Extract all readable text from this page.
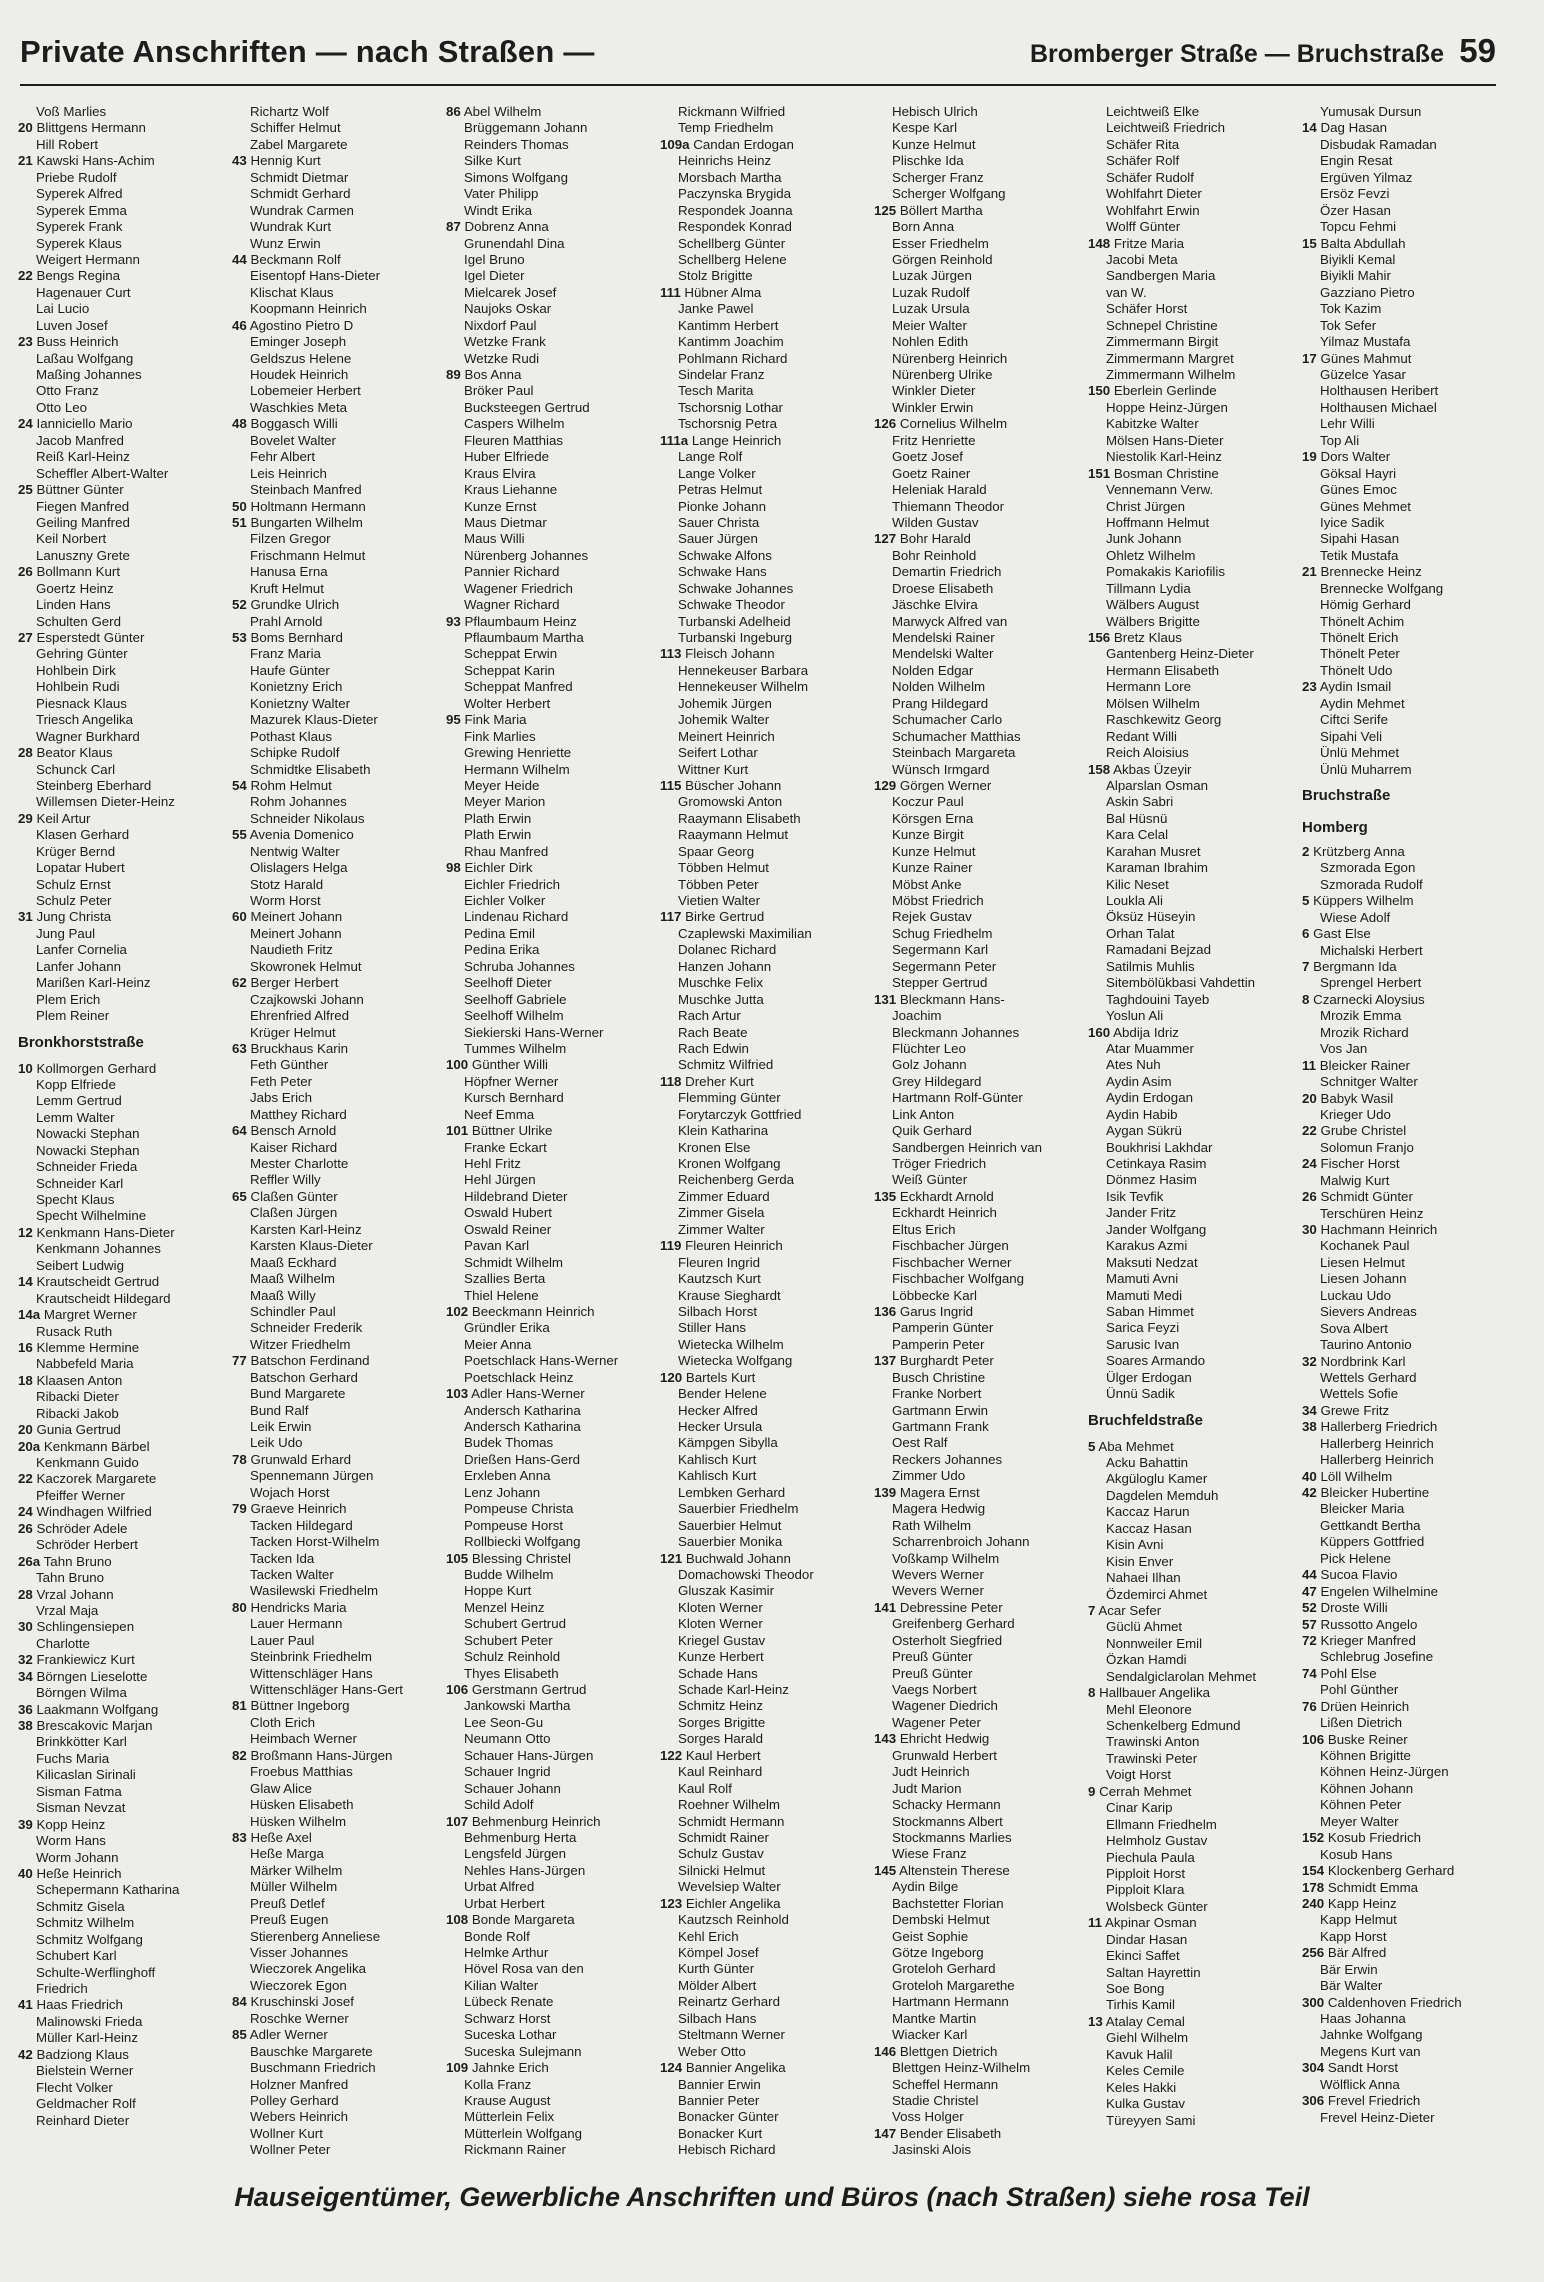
Private Anschriften — nach Straßen —	Bromberger Straße — Bruchstraße 59
Voß Marlies
20 Blittgens Hermann
Hill Robert
21 Kawski Hans-Achim
Priebe Rudolf
Syperek Alfred
Syperek Emma
Syperek Frank
Syperek Klaus
Weigert Hermann
22 Bengs Regina
Hagenauer Curt
Lai Lucio
Luven Josef
23 Buss Heinrich
Laßau Wolfgang
Maßing Johannes
Otto Franz
Otto Leo
24 Ianniciello Mario
Jacob Manfred
Reiß Karl-Heinz
Scheffler Albert-Walter
25 Büttner Günter
Fiegen Manfred
Geiling Manfred
Keil Norbert
Lanuszny Grete
26 Bollmann Kurt
Goertz Heinz
Linden Hans
Schulten Gerd
27 Esperstedt Günter
Gehring Günter
Hohlbein Dirk
Hohlbein Rudi
Piesnack Klaus
Triesch Angelika
Wagner Burkhard
28 Beator Klaus
Schunck Carl
Steinberg Eberhard
Willemsen Dieter-Heinz
29 Keil Artur
Klasen Gerhard
Krüger Bernd
Lopatar Hubert
Schulz Ernst
Schulz Peter
31 Jung Christa
Jung Paul
Lanfer Cornelia
Lanfer Johann
Marißen Karl-Heinz
Plem Erich
Plem Reiner
Bronkhorststraße
10 Kollmorgen Gerhard
Kopp Elfriede
Lemm Gertrud
Lemm Walter
Nowacki Stephan
Nowacki Stephan
Schneider Frieda
Schneider Karl
Specht Klaus
Specht Wilhelmine
12 Kenkmann Hans-Dieter
Kenkmann Johannes
Seibert Ludwig
14 Krautscheidt Gertrud
Krautscheidt Hildegard
14a Margret Werner
Rusack Ruth
16 Klemme Hermine
Nabbefeld Maria
18 Klaasen Anton
Ribacki Dieter
Ribacki Jakob
20 Gunia Gertrud
20a Kenkmann Bärbel
Kenkmann Guido
22 Kaczorek Margarete
Pfeiffer Werner
24 Windhagen Wilfried
26 Schröder Adele
Schröder Herbert
26a Tahn Bruno
Tahn Bruno
28 Vrzal Johann
Vrzal Maja
30 Schlingensiepen
Charlotte
32 Frankiewicz Kurt
34 Börngen Lieselotte
Börngen Wilma
36 Laakmann Wolfgang
38 Brescakovic Marjan
Brinkkötter Karl
Fuchs Maria
Kilicaslan Sirinali
Sisman Fatma
Sisman Nevzat
39 Kopp Heinz
Worm Hans
Worm Johann
40 Heße Heinrich
Schepermann Katharina
Schmitz Gisela
Schmitz Wilhelm
Schmitz Wolfgang
Schubert Karl
Schulte-Werflinghoff
Friedrich
41 Haas Friedrich
Malinowski Frieda
Müller Karl-Heinz
42 Badziong Klaus
Bielstein Werner
Flecht Volker
Geldmacher Rolf
Reinhard Dieter
Richartz Wolf
Schiffer Helmut
Zabel Margarete
43 Hennig Kurt
Schmidt Dietmar
Schmidt Gerhard
Wundrak Carmen
Wundrak Kurt
Wunz Erwin
44 Beckmann Rolf
Eisentopf Hans-Dieter
Klischat Klaus
Koopmann Heinrich
46 Agostino Pietro D
Eminger Joseph
Geldszus Helene
Houdek Heinrich
Lobemeier Herbert
Waschkies Meta
48 Boggasch Willi
Bovelet Walter
Fehr Albert
Leis Heinrich
Steinbach Manfred
50 Holtmann Hermann
51 Bungarten Wilhelm
Filzen Gregor
Frischmann Helmut
Hanusa Erna
Kruft Helmut
52 Grundke Ulrich
Prahl Arnold
53 Boms Bernhard
Franz Maria
Haufe Günter
Konietzny Erich
Konietzny Walter
Mazurek Klaus-Dieter
Pothast Klaus
Schipke Rudolf
Schmidtke Elisabeth
54 Rohm Helmut
Rohm Johannes
Schneider Nikolaus
55 Avenia Domenico
Nentwig Walter
Olislagers Helga
Stotz Harald
Worm Horst
60 Meinert Johann
Meinert Johann
Naudieth Fritz
Skowronek Helmut
62 Berger Herbert
Czajkowski Johann
Ehrenfried Alfred
Krüger Helmut
63 Bruckhaus Karin
Feth Günther
Feth Peter
Jabs Erich
Matthey Richard
64 Bensch Arnold
Kaiser Richard
Mester Charlotte
Reffler Willy
65 Claßen Günter
Claßen Jürgen
Karsten Karl-Heinz
Karsten Klaus-Dieter
Maaß Eckhard
Maaß Wilhelm
Maaß Willy
Schindler Paul
Schneider Frederik
Witzer Friedhelm
77 Batschon Ferdinand
Batschon Gerhard
Bund Margarete
Bund Ralf
Leik Erwin
Leik Udo
78 Grunwald Erhard
Spennemann Jürgen
Wojach Horst
79 Graeve Heinrich
Tacken Hildegard
Tacken Horst-Wilhelm
Tacken Ida
Tacken Walter
Wasilewski Friedhelm
80 Hendricks Maria
Lauer Hermann
Lauer Paul
Steinbrink Friedhelm
Wittenschläger Hans
Wittenschläger Hans-Gert
81 Büttner Ingeborg
Cloth Erich
Heimbach Werner
82 Broßmann Hans-Jürgen
Froebus Matthias
Glaw Alice
Hüsken Elisabeth
Hüsken Wilhelm
83 Heße Axel
Heße Marga
Märker Wilhelm
Müller Wilhelm
Preuß Detlef
Preuß Eugen
Stierenberg Anneliese
Visser Johannes
Wieczorek Angelika
Wieczorek Egon
84 Kruschinski Josef
Roschke Werner
85 Adler Werner
Bauschke Margarete
Buschmann Friedrich
Holzner Manfred
Polley Gerhard
Webers Heinrich
Wollner Kurt
Wollner Peter
86 Abel Wilhelm
Brüggemann Johann
Reinders Thomas
Silke Kurt
Simons Wolfgang
Vater Philipp
Windt Erika
87 Dobrenz Anna
Grunendahl Dina
Igel Bruno
Igel Dieter
Mielcarek Josef
Naujoks Oskar
Nixdorf Paul
Wetzke Frank
Wetzke Rudi
89 Bos Anna
Bröker Paul
Bucksteegen Gertrud
Caspers Wilhelm
Fleuren Matthias
Huber Elfriede
Kraus Elvira
Kraus Liehanne
Kunze Ernst
Maus Dietmar
Maus Willi
Nürenberg Johannes
Pannier Richard
Wagener Friedrich
Wagner Richard
93 Pflaumbaum Heinz
Pflaumbaum Martha
Scheppat Erwin
Scheppat Karin
Scheppat Manfred
Wolter Herbert
95 Fink Maria
Fink Marlies
Grewing Henriette
Hermann Wilhelm
Meyer Heide
Meyer Marion
Plath Erwin
Plath Erwin
Rhau Manfred
98 Eichler Dirk
Eichler Friedrich
Eichler Volker
Lindenau Richard
Pedina Emil
Pedina Erika
Schruba Johannes
Seelhoff Dieter
Seelhoff Gabriele
Seelhoff Wilhelm
Siekierski Hans-Werner
Tummes Wilhelm
100 Günther Willi
Höpfner Werner
Kursch Bernhard
Neef Emma
101 Büttner Ulrike
Franke Eckart
Hehl Fritz
Hehl Jürgen
Hildebrand Dieter
Oswald Hubert
Oswald Reiner
Pavan Karl
Schmidt Wilhelm
Szallies Berta
Thiel Helene
102 Beeckmann Heinrich
Gründler Erika
Meier Anna
Poetschlack Hans-Werner
Poetschlack Heinz
103 Adler Hans-Werner
Andersch Katharina
Andersch Katharina
Budek Thomas
Drießen Hans-Gerd
Erxleben Anna
Lenz Johann
Pompeuse Christa
Pompeuse Horst
Rollbiecki Wolfgang
105 Blessing Christel
Budde Wilhelm
Hoppe Kurt
Menzel Heinz
Schubert Gertrud
Schubert Peter
Schulz Reinhold
Thyes Elisabeth
106 Gerstmann Gertrud
Jankowski Martha
Lee Seon-Gu
Neumann Otto
Schauer Hans-Jürgen
Schauer Ingrid
Schauer Johann
Schild Adolf
107 Behmenburg Heinrich
Behmenburg Herta
Lengsfeld Jürgen
Nehles Hans-Jürgen
Urbat Alfred
Urbat Herbert
108 Bonde Margareta
Bonde Rolf
Helmke Arthur
Hövel Rosa van den
Kilian Walter
Lübeck Renate
Schwarz Horst
Suceska Lothar
Suceska Sulejmann
109 Jahnke Erich
Kolla Franz
Krause August
Mütterlein Felix
Mütterlein Wolfgang
Rickmann Rainer
Rickmann Wilfried
Temp Friedhelm
109a Candan Erdogan
Heinrichs Heinz
Morsbach Martha
Paczynska Brygida
Respondek Joanna
Respondek Konrad
Schellberg Günter
Schellberg Helene
Stolz Brigitte
111 Hübner Alma
Janke Pawel
Kantimm Herbert
Kantimm Joachim
Pohlmann Richard
Sindelar Franz
Tesch Marita
Tschorsnig Lothar
Tschorsnig Petra
111a Lange Heinrich
Lange Rolf
Lange Volker
Petras Helmut
Pionke Johann
Sauer Christa
Sauer Jürgen
Schwake Alfons
Schwake Hans
Schwake Johannes
Schwake Theodor
Turbanski Adelheid
Turbanski Ingeburg
113 Fleisch Johann
Hennekeuser Barbara
Hennekeuser Wilhelm
Johemik Jürgen
Johemik Walter
Meinert Heinrich
Seifert Lothar
Wittner Kurt
115 Büscher Johann
Gromowski Anton
Raaymann Elisabeth
Raaymann Helmut
Spaar Georg
Többen Helmut
Többen Peter
Vietien Walter
117 Birke Gertrud
Czaplewski Maximilian
Dolanec Richard
Hanzen Johann
Muschke Felix
Muschke Jutta
Rach Artur
Rach Beate
Rach Edwin
Schmitz Wilfried
118 Dreher Kurt
Flemming Günter
Forytarczyk Gottfried
Klein Katharina
Kronen Else
Kronen Wolfgang
Reichenberg Gerda
Zimmer Eduard
Zimmer Gisela
Zimmer Walter
119 Fleuren Heinrich
Fleuren Ingrid
Kautzsch Kurt
Krause Sieghardt
Silbach Horst
Stiller Hans
Wietecka Wilhelm
Wietecka Wolfgang
120 Bartels Kurt
Bender Helene
Hecker Alfred
Hecker Ursula
Kämpgen Sibylla
Kahlisch Kurt
Kahlisch Kurt
Lembken Gerhard
Sauerbier Friedhelm
Sauerbier Helmut
Sauerbier Monika
121 Buchwald Johann
Domachowski Theodor
Gluszak Kasimir
Kloten Werner
Kloten Werner
Kriegel Gustav
Kunze Herbert
Schade Hans
Schade Karl-Heinz
Schmitz Heinz
Sorges Brigitte
Sorges Harald
122 Kaul Herbert
Kaul Reinhard
Kaul Rolf
Roehner Wilhelm
Schmidt Hermann
Schmidt Rainer
Schulz Gustav
Silnicki Helmut
Wevelsiep Walter
123 Eichler Angelika
Kautzsch Reinhold
Kehl Erich
Kömpel Josef
Kurth Günter
Mölder Albert
Reinartz Gerhard
Silbach Hans
Steltmann Werner
Weber Otto
124 Bannier Angelika
Bannier Erwin
Bannier Peter
Bonacker Günter
Bonacker Kurt
Hebisch Richard
Hebisch Ulrich
Kespe Karl
Kunze Helmut
Plischke Ida
Scherger Franz
Scherger Wolfgang
125 Böllert Martha
Born Anna
Esser Friedhelm
Görgen Reinhold
Luzak Jürgen
Luzak Rudolf
Luzak Ursula
Meier Walter
Nohlen Edith
Nürenberg Heinrich
Nürenberg Ulrike
Winkler Dieter
Winkler Erwin
126 Cornelius Wilhelm
Fritz Henriette
Goetz Josef
Goetz Rainer
Heleniak Harald
Thiemann Theodor
Wilden Gustav
127 Bohr Harald
Bohr Reinhold
Demartin Friedrich
Droese Elisabeth
Jäschke Elvira
Marwyck Alfred van
Mendelski Rainer
Mendelski Walter
Nolden Edgar
Nolden Wilhelm
Prang Hildegard
Schumacher Carlo
Schumacher Matthias
Steinbach Margareta
Wünsch Irmgard
129 Görgen Werner
Koczur Paul
Körsgen Erna
Kunze Birgit
Kunze Helmut
Kunze Rainer
Möbst Anke
Möbst Friedrich
Rejek Gustav
Schug Friedhelm
Segermann Karl
Segermann Peter
Stepper Gertrud
131 Bleckmann Hans-
Joachim
Bleckmann Johannes
Flüchter Leo
Golz Johann
Grey Hildegard
Hartmann Rolf-Günter
Link Anton
Quik Gerhard
Sandbergen Heinrich van
Tröger Friedrich
Weiß Günter
135 Eckhardt Arnold
Eckhardt Heinrich
Eltus Erich
Fischbacher Jürgen
Fischbacher Werner
Fischbacher Wolfgang
Löbbecke Karl
136 Garus Ingrid
Pamperin Günter
Pamperin Peter
137 Burghardt Peter
Busch Christine
Franke Norbert
Gartmann Erwin
Gartmann Frank
Oest Ralf
Reckers Johannes
Zimmer Udo
139 Magera Ernst
Magera Hedwig
Rath Wilhelm
Scharrenbroich Johann
Voßkamp Wilhelm
Wevers Werner
Wevers Werner
141 Debressine Peter
Greifenberg Gerhard
Osterholt Siegfried
Preuß Günter
Preuß Günter
Vaegs Norbert
Wagener Diedrich
Wagener Peter
143 Ehricht Hedwig
Grunwald Herbert
Judt Heinrich
Judt Marion
Schacky Hermann
Stockmanns Albert
Stockmanns Marlies
Wiese Franz
145 Altenstein Therese
Aydin Bilge
Bachstetter Florian
Dembski Helmut
Geist Sophie
Götze Ingeborg
Groteloh Gerhard
Groteloh Margarethe
Hartmann Hermann
Mantke Martin
Wiacker Karl
146 Blettgen Dietrich
Blettgen Heinz-Wilhelm
Scheffel Hermann
Stadie Christel
Voss Holger
147 Bender Elisabeth
Jasinski Alois
Leichtweiß Elke
Leichtweiß Friedrich
Schäfer Rita
Schäfer Rolf
Schäfer Rudolf
Wohlfahrt Dieter
Wohlfahrt Erwin
Wolff Günter
148 Fritze Maria
Jacobi Meta
Sandbergen Maria
van W.
Schäfer Horst
Schnepel Christine
Zimmermann Birgit
Zimmermann Margret
Zimmermann Wilhelm
150 Eberlein Gerlinde
Hoppe Heinz-Jürgen
Kabitzke Walter
Mölsen Hans-Dieter
Niestolik Karl-Heinz
151 Bosman Christine
Vennemann Verw.
Christ Jürgen
Hoffmann Helmut
Junk Johann
Ohletz Wilhelm
Pomakakis Kariofilis
Tillmann Lydia
Wälbers August
Wälbers Brigitte
156 Bretz Klaus
Gantenberg Heinz-Dieter
Hermann Elisabeth
Hermann Lore
Mölsen Wilhelm
Raschkewitz Georg
Redant Willi
Reich Aloisius
158 Akbas Üzeyir
Alparslan Osman
Askin Sabri
Bal Hüsnü
Kara Celal
Karahan Musret
Karaman Ibrahim
Kilic Neset
Loukla Ali
Öksüz Hüseyin
Orhan Talat
Ramadani Bejzad
Satilmis Muhlis
Sitembölükbasi Vahdettin
Taghdouini Tayeb
Yoslun Ali
160 Abdija Idriz
Atar Muammer
Ates Nuh
Aydin Asim
Aydin Erdogan
Aydin Habib
Aygan Sükrü
Boukhrisi Lakhdar
Cetinkaya Rasim
Dönmez Hasim
Isik Tevfik
Jander Fritz
Jander Wolfgang
Karakus Azmi
Maksuti Nedzat
Mamuti Avni
Mamuti Medi
Saban Himmet
Sarica Feyzi
Sarusic Ivan
Soares Armando
Ülger Erdogan
Ünnü Sadik
Bruchfeldstraße
5 Aba Mehmet
Acku Bahattin
Akgüloglu Kamer
Dagdelen Memduh
Kaccaz Harun
Kaccaz Hasan
Kisin Avni
Kisin Enver
Nahaei Ilhan
Özdemirci Ahmet
7 Acar Sefer
Güclü Ahmet
Nonnweiler Emil
Özkan Hamdi
Sendalgiclarolan Mehmet
8 Hallbauer Angelika
Mehl Eleonore
Schenkelberg Edmund
Trawinski Anton
Trawinski Peter
Voigt Horst
9 Cerrah Mehmet
Cinar Karip
Ellmann Friedhelm
Helmholz Gustav
Piechula Paula
Pipploit Horst
Pipploit Klara
Wolsbeck Günter
11 Akpinar Osman
Dindar Hasan
Ekinci Saffet
Saltan Hayrettin
Soe Bong
Tirhis Kamil
13 Atalay Cemal
Giehl Wilhelm
Kavuk Halil
Keles Cemile
Keles Hakki
Kulka Gustav
Türeyyen Sami
Yumusak Dursun
14 Dag Hasan
Disbudak Ramadan
Engin Resat
Ergüven Yilmaz
Ersöz Fevzi
Özer Hasan
Topcu Fehmi
15 Balta Abdullah
Biyikli Kemal
Biyikli Mahir
Gazziano Pietro
Tok Kazim
Tok Sefer
Yilmaz Mustafa
17 Günes Mahmut
Güzelce Yasar
Holthausen Heribert
Holthausen Michael
Lehr Willi
Top Ali
19 Dors Walter
Göksal Hayri
Günes Emoc
Günes Mehmet
Iyice Sadik
Sipahi Hasan
Tetik Mustafa
21 Brennecke Heinz
Brennecke Wolfgang
Hömig Gerhard
Thönelt Achim
Thönelt Erich
Thönelt Peter
Thönelt Udo
23 Aydin Ismail
Aydin Mehmet
Ciftci Serife
Sipahi Veli
Ünlü Mehmet
Ünlü Muharrem
Bruchstraße
Homberg
2 Krützberg Anna
Szmorada Egon
Szmorada Rudolf
5 Küppers Wilhelm
Wiese Adolf
6 Gast Else
Michalski Herbert
7 Bergmann Ida
Sprengel Herbert
8 Czarnecki Aloysius
Mrozik Emma
Mrozik Richard
Vos Jan
11 Bleicker Rainer
Schnitger Walter
20 Babyk Wasil
Krieger Udo
22 Grube Christel
Solomun Franjo
24 Fischer Horst
Malwig Kurt
26 Schmidt Günter
Terschüren Heinz
30 Hachmann Heinrich
Kochanek Paul
Liesen Helmut
Liesen Johann
Luckau Udo
Sievers Andreas
Sova Albert
Taurino Antonio
32 Nordbrink Karl
Wettels Gerhard
Wettels Sofie
34 Grewe Fritz
38 Hallerberg Friedrich
Hallerberg Heinrich
Hallerberg Heinrich
40 Löll Wilhelm
42 Bleicker Hubertine
Bleicker Maria
Gettkandt Bertha
Küppers Gottfried
Pick Helene
44 Sucoa Flavio
47 Engelen Wilhelmine
52 Droste Willi
57 Russotto Angelo
72 Krieger Manfred
Schlebrug Josefine
74 Pohl Else
Pohl Günther
76 Drüen Heinrich
Lißen Dietrich
106 Buske Reiner
Köhnen Brigitte
Köhnen Heinz-Jürgen
Köhnen Johann
Köhnen Peter
Meyer Walter
152 Kosub Friedrich
Kosub Hans
154 Klockenberg Gerhard
178 Schmidt Emma
240 Kapp Heinz
Kapp Helmut
Kapp Horst
256 Bär Alfred
Bär Erwin
Bär Walter
300 Caldenhoven Friedrich
Haas Johanna
Jahnke Wolfgang
Megens Kurt van
304 Sandt Horst
Wölflick Anna
306 Frevel Friedrich
Frevel Heinz-Dieter
Hauseigentümer, Gewerbliche Anschriften und Büros (nach Straßen) siehe rosa Teil
